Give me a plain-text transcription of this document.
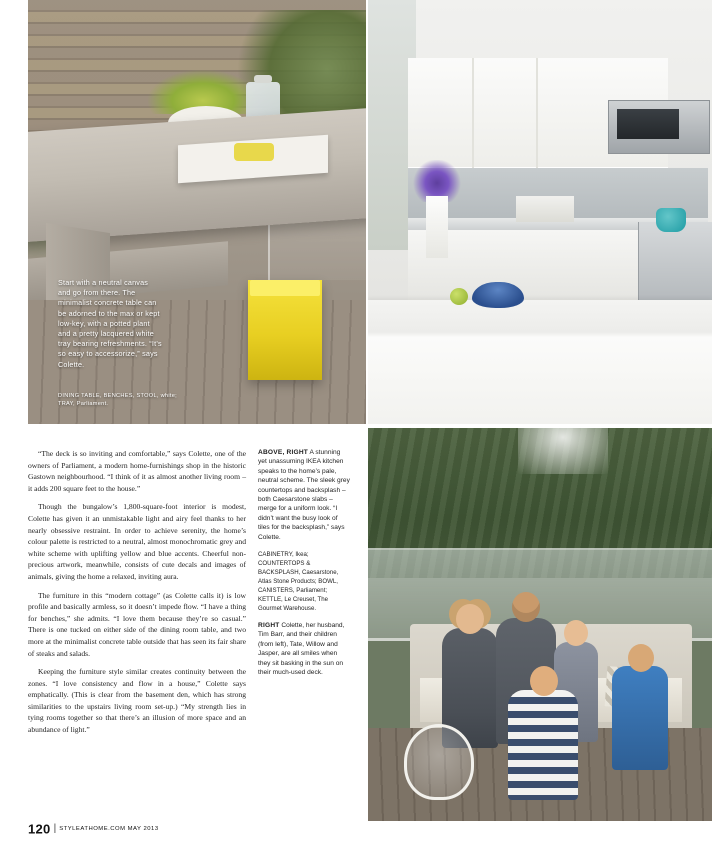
Start with a neutral canvas and go from there. The minimalist concrete table can be adorned to the max or kept low-key, with a potted plant and a pretty lacquered white tray bearing refreshments. “It’s so easy to accessorize,” says Colette.
DINING TABLE, BENCHES, STOOL, white; TRAY, Parliament.

“The deck is so inviting and comfortable,” says Colette, one of the owners of Parliament, a modern home-furnishings shop in the historic Gastown neighbourhood. “I think of it as almost another living room – it adds 200 square feet to the house.”

Though the bungalow’s 1,800-square-foot interior is modest, Colette has given it an unmistakable light and airy feel thanks to her nearly obsessive restraint. In order to achieve serenity, the home’s colour palette is restricted to a neutral, almost monochromatic grey and white scheme with uplifting yellow and blue accents. Cheerful non-precious artwork, meanwhile, consists of cute decals and images of animals, giving the home a relaxed, inviting aura.

The furniture in this “modern cottage” (as Colette calls it) is low profile and basically armless, so it doesn’t impede flow. “I have a thing for benches,” she admits. “I love them because they’re so casual.” There is one tucked on either side of the dining room table, and two more at the minimalist concrete table outside that has seen its fair share of steaks and salads.

Keeping the furniture style similar creates continuity between the zones. “I love consistency and flow in a house,” Colette says emphatically. (This is clear from the basement den, which has strong similarities to the upstairs living room set-up.) “My strength lies in tying rooms together so that there’s an illusion of more space and an abundance of light.”

ABOVE, RIGHT A stunning yet unassuming IKEA kitchen speaks to the home’s pale, neutral scheme. The sleek grey countertops and backsplash – both Caesarstone slabs – merge for a uniform look. “I didn’t want the busy look of tiles for the backsplash,” says Colette.

CABINETRY, Ikea; COUNTERTOPS & BACKSPLASH, Caesarstone, Atlas Stone Products; BOWL, CANISTERS, Parliament; KETTLE, Le Creuset, The Gourmet Warehouse.

RIGHT Colette, her husband, Tim Barr, and their children (from left), Tate, Willow and Jasper, are all smiles when they sit basking in the sun on their much-used deck.

120 | STYLEATHOME.COM MAY 2013
